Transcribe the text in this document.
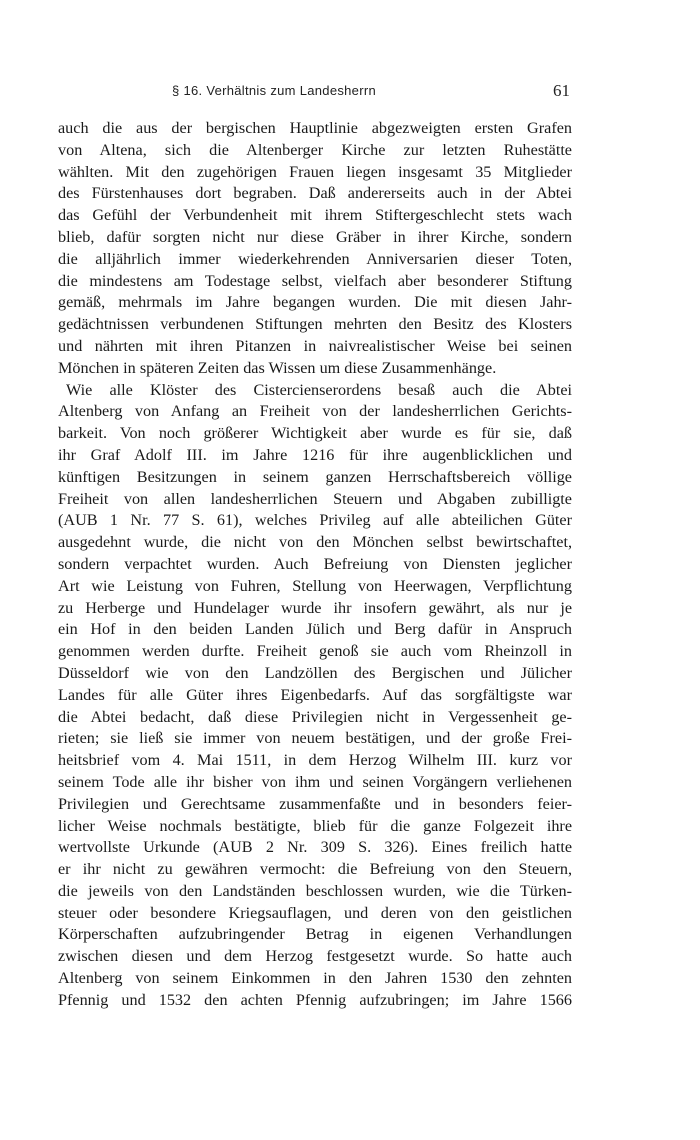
§ 16. Verhältnis zum Landesherrn	61
auch die aus der bergischen Hauptlinie abgezweigten ersten Grafen
von Altena, sich die Altenberger Kirche zur letzten Ruhestätte
wählten. Mit den zugehörigen Frauen liegen insgesamt 35 Mitglieder
des Fürstenhauses dort begraben. Daß andererseits auch in der Abtei
das Gefühl der Verbundenheit mit ihrem Stiftergeschlecht stets wach
blieb, dafür sorgten nicht nur diese Gräber in ihrer Kirche, sondern
die alljährlich immer wiederkehrenden Anniversarien dieser Toten,
die mindestens am Todestage selbst, vielfach aber besonderer Stiftung
gemäß, mehrmals im Jahre begangen wurden. Die mit diesen Jahr-
gedächtnissen verbundenen Stiftungen mehrten den Besitz des Klosters
und nährten mit ihren Pitanzen in naivrealistischer Weise bei seinen
Mönchen in späteren Zeiten das Wissen um diese Zusammenhänge.
Wie alle Klöster des Cistercienserordens besaß auch die Abtei
Altenberg von Anfang an Freiheit von der landesherrlichen Gerichts-
barkeit. Von noch größerer Wichtigkeit aber wurde es für sie, daß
ihr Graf Adolf III. im Jahre 1216 für ihre augenblicklichen und
künftigen Besitzungen in seinem ganzen Herrschaftsbereich völlige
Freiheit von allen landesherrlichen Steuern und Abgaben zubilligte
(AUB 1 Nr. 77 S. 61), welches Privileg auf alle abteilichen Güter
ausgedehnt wurde, die nicht von den Mönchen selbst bewirtschaftet,
sondern verpachtet wurden. Auch Befreiung von Diensten jeglicher
Art wie Leistung von Fuhren, Stellung von Heerwagen, Verpflichtung
zu Herberge und Hundelager wurde ihr insofern gewährt, als nur je
ein Hof in den beiden Landen Jülich und Berg dafür in Anspruch
genommen werden durfte. Freiheit genoß sie auch vom Rheinzoll in
Düsseldorf wie von den Landzöllen des Bergischen und Jülicher
Landes für alle Güter ihres Eigenbedarfs. Auf das sorgfältigste war
die Abtei bedacht, daß diese Privilegien nicht in Vergessenheit ge-
rieten; sie ließ sie immer von neuem bestätigen, und der große Frei-
heitsbrief vom 4. Mai 1511, in dem Herzog Wilhelm III. kurz vor
seinem Tode alle ihr bisher von ihm und seinen Vorgängern verliehenen
Privilegien und Gerechtsame zusammenfaßte und in besonders feier-
licher Weise nochmals bestätigte, blieb für die ganze Folgezeit ihre
wertvollste Urkunde (AUB 2 Nr. 309 S. 326). Eines freilich hatte
er ihr nicht zu gewähren vermocht: die Befreiung von den Steuern,
die jeweils von den Landständen beschlossen wurden, wie die Türken-
steuer oder besondere Kriegsauflagen, und deren von den geistlichen
Körperschaften aufzubringender Betrag in eigenen Verhandlungen
zwischen diesen und dem Herzog festgesetzt wurde. So hatte auch
Altenberg von seinem Einkommen in den Jahren 1530 den zehnten
Pfennig und 1532 den achten Pfennig aufzubringen; im Jahre 1566
